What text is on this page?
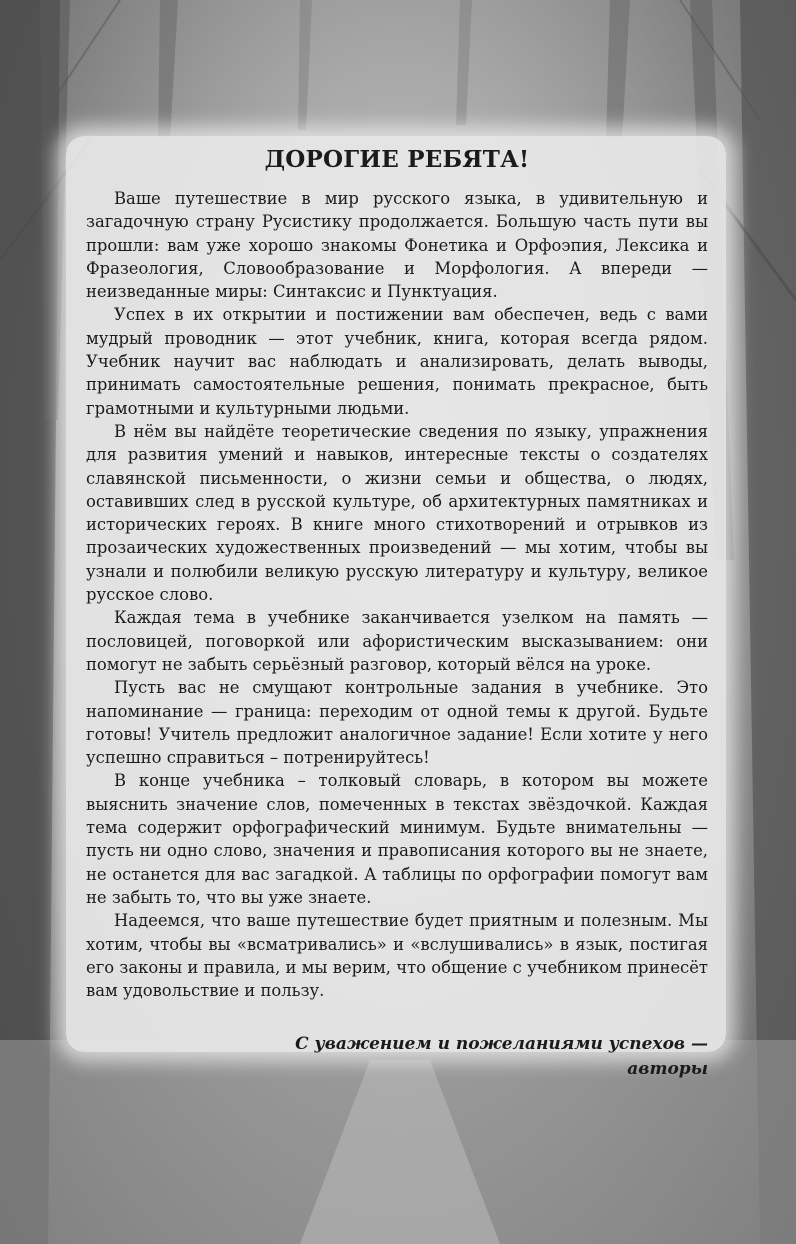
ДОРОГИЕ РЕБЯТА!

Ваше путешествие в мир русского языка, в удивительную и загадочную страну Русистику продолжается. Большую часть пути вы прошли: вам уже хорошо знакомы Фонетика и Орфоэпия, Лексика и Фразеология, Словообразование и Морфология. А впереди — неизведанные миры: Синтаксис и Пунктуация.

Успех в их открытии и постижении вам обеспечен, ведь с вами мудрый проводник — этот учебник, книга, которая всегда рядом. Учебник научит вас наблюдать и анализировать, делать выводы, принимать самостоятельные решения, понимать прекрасное, быть грамотными и культурными людьми.

В нём вы найдёте теоретические сведения по языку, упражнения для развития умений и навыков, интересные тексты о создателях славянской письменности, о жизни семьи и общества, о людях, оставивших след в русской культуре, об архитектурных памятниках и исторических героях. В книге много стихотворений и отрывков из прозаических художественных произведений — мы хотим, чтобы вы узнали и полюбили великую русскую литературу и культуру, великое русское слово.

Каждая тема в учебнике заканчивается узелком на память — пословицей, поговоркой или афористическим высказыванием: они помогут не забыть серьёзный разговор, который вёлся на уроке.

Пусть вас не смущают контрольные задания в учебнике. Это напоминание — граница: переходим от одной темы к другой. Будьте готовы! Учитель предложит аналогичное задание! Если хотите у него успешно справиться – потренируйтесь!

В конце учебника – толковый словарь, в котором вы можете выяснить значение слов, помеченных в текстах звёздочкой. Каждая тема содержит орфографический минимум. Будьте внимательны — пусть ни одно слово, значения и правописания которого вы не знаете, не останется для вас загадкой. А таблицы по орфографии помогут вам не забыть то, что вы уже знаете.

Надеемся, что ваше путешествие будет приятным и полезным. Мы хотим, чтобы вы «всматривались» и «вслушивались» в язык, постигая его законы и правила, и мы верим, что общение с учебником принесёт вам удовольствие и пользу.

С уважением и пожеланиями успехов —
авторы
